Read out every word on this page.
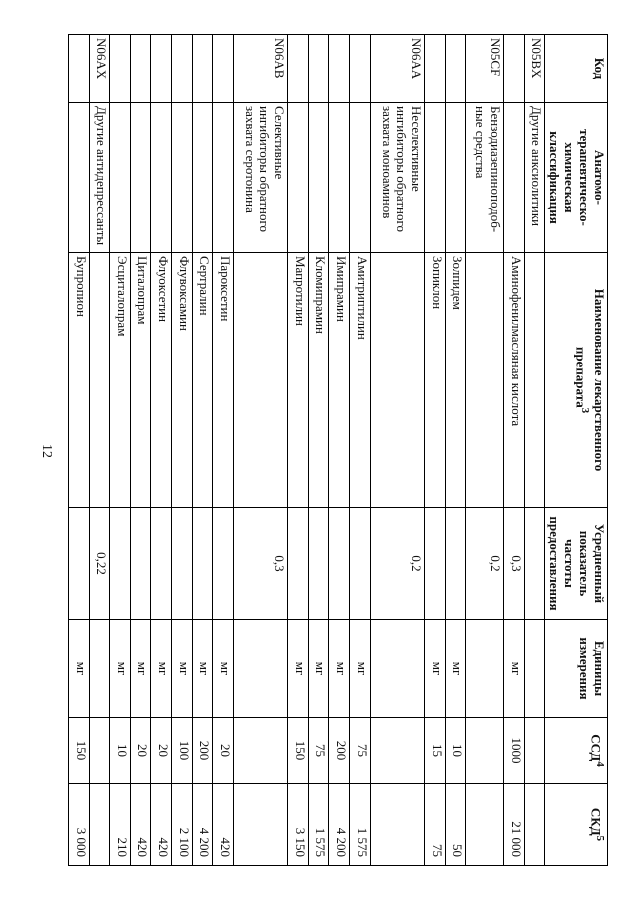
12
Код	Анатомо-терапевтическо-химическая классификация	Наименование лекарственного препарата$^3$	Усредненный показатель частоты предоставления	Единицы измерения	ССД$^4$	СКД$^5$
N05BX	Другие анксиолитики					
		Аминофенилмасляная кислота	0,3	мг	1000	21 000
N05CF	Бензодиазепиноподоб-ные средства		0,2			
		Золпидем		мг	10	50
		Зопиклон		мг	15	75
N06AA	Неселективные ингибиторы обратного захвата моноаминов		0,2			
		Амитриптилин		мг	75	1 575
		Имипрамин		мг	200	4 200
		Кломипрамин		мг	75	1 575
		Мапротилин		мг	150	3 150
N06AB	Селективные ингибиторы обратного захвата серотонина		0,3			
		Пароксетин		мг	20	420
		Сертралин		мг	200	4 200
		Флувоксамин		мг	100	2 100
		Флуоксетин		мг	20	420
		Циталопрам		мг	20	420
		Эсциталопрам		мг	10	210
N06AX	Другие антидепрессанты		0,22			
		Бупропион		мг	150	3 000
